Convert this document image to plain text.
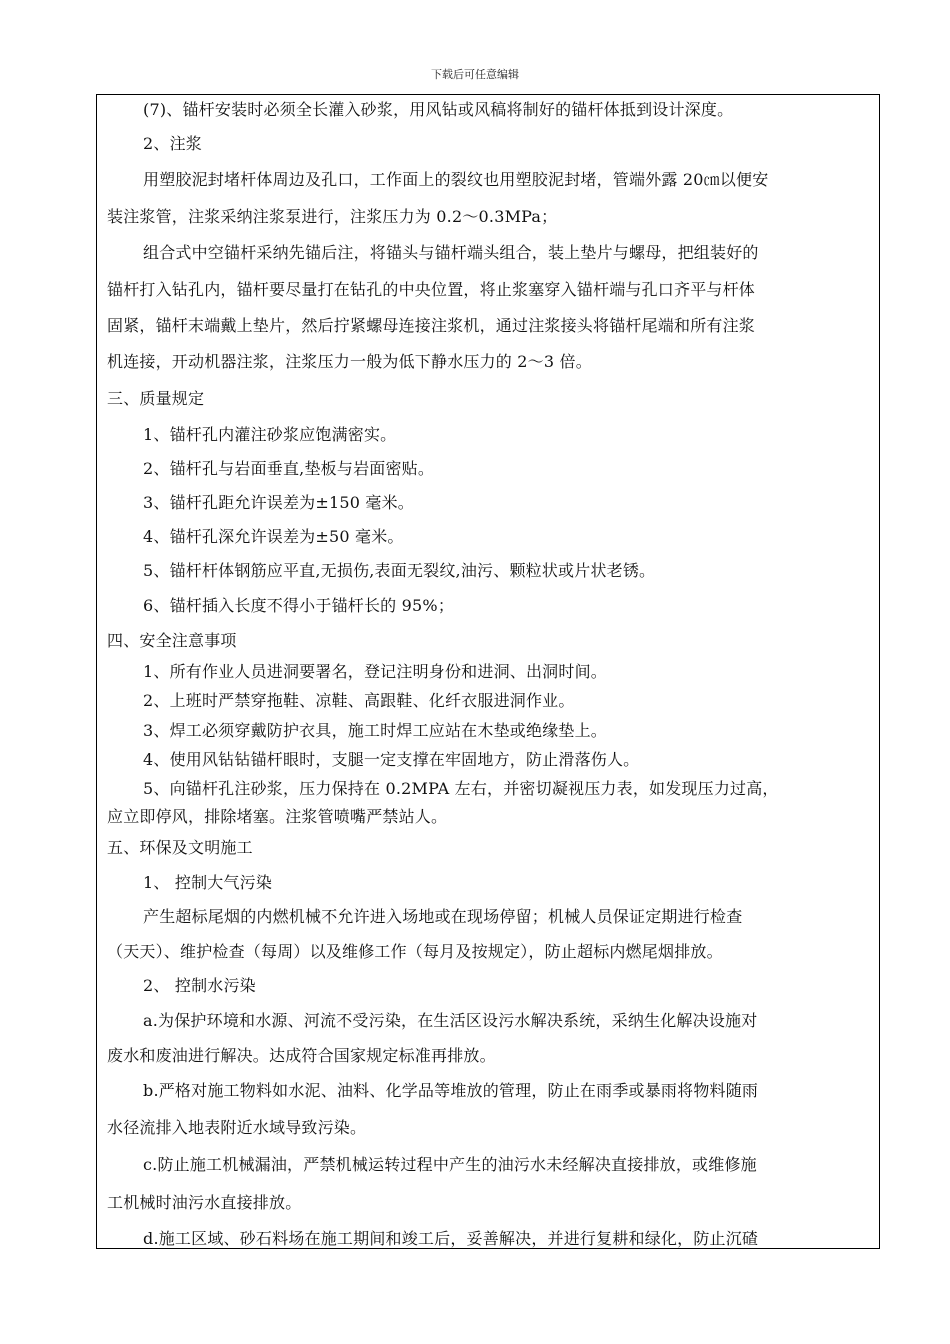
下载后可任意编辑
(7)、锚杆安装时必须全长灌入砂浆，用风钻或风稿将制好的锚杆体抵到设计深度。
2、注浆
用塑胶泥封堵杆体周边及孔口，工作面上的裂纹也用塑胶泥封堵，管端外露 20㎝以便安
装注浆管，注浆采纳注浆泵进行，注浆压力为 0.2～0.3MPa；
组合式中空锚杆采纳先锚后注，将锚头与锚杆端头组合，装上垫片与螺母，把组装好的
锚杆打入钻孔内，锚杆要尽量打在钻孔的中央位置，将止浆塞穿入锚杆端与孔口齐平与杆体
固紧，锚杆末端戴上垫片，然后拧紧螺母连接注浆机，通过注浆接头将锚杆尾端和所有注浆
机连接，开动机器注浆，注浆压力一般为低下静水压力的 2～3 倍。
三、质量规定
1、锚杆孔内灌注砂浆应饱满密实。
2、锚杆孔与岩面垂直,垫板与岩面密贴。
3、锚杆孔距允许误差为±150 毫米。
4、锚杆孔深允许误差为±50 毫米。
5、锚杆杆体钢筋应平直,无损伤,表面无裂纹,油污、颗粒状或片状老锈。
6、锚杆插入长度不得小于锚杆长的 95%；
四、安全注意事项
1、所有作业人员进洞要署名，登记注明身份和进洞、出洞时间。
2、上班时严禁穿拖鞋、凉鞋、高跟鞋、化纤衣服进洞作业。
3、焊工必须穿戴防护衣具，施工时焊工应站在木垫或绝缘垫上。
4、使用风钻钻锚杆眼时，支腿一定支撑在牢固地方，防止滑落伤人。
5、向锚杆孔注砂浆，压力保持在 0.2MPA 左右，并密切凝视压力表，如发现压力过高，
应立即停风，排除堵塞。注浆管喷嘴严禁站人。
五、环保及文明施工
1、 控制大气污染
产生超标尾烟的内燃机械不允许进入场地或在现场停留；机械人员保证定期进行检查
（天天）、维护检查（每周）以及维修工作（每月及按规定），防止超标内燃尾烟排放。
2、 控制水污染
a.为保护环境和水源、河流不受污染，在生活区设污水解决系统，采纳生化解决设施对
废水和废油进行解决。达成符合国家规定标准再排放。
b.严格对施工物料如水泥、油料、化学品等堆放的管理，防止在雨季或暴雨将物料随雨
水径流排入地表附近水域导致污染。
c.防止施工机械漏油，严禁机械运转过程中产生的油污水未经解决直接排放，或维修施
工机械时油污水直接排放。
d.施工区域、砂石料场在施工期间和竣工后，妥善解决，并进行复耕和绿化，防止沉碴
